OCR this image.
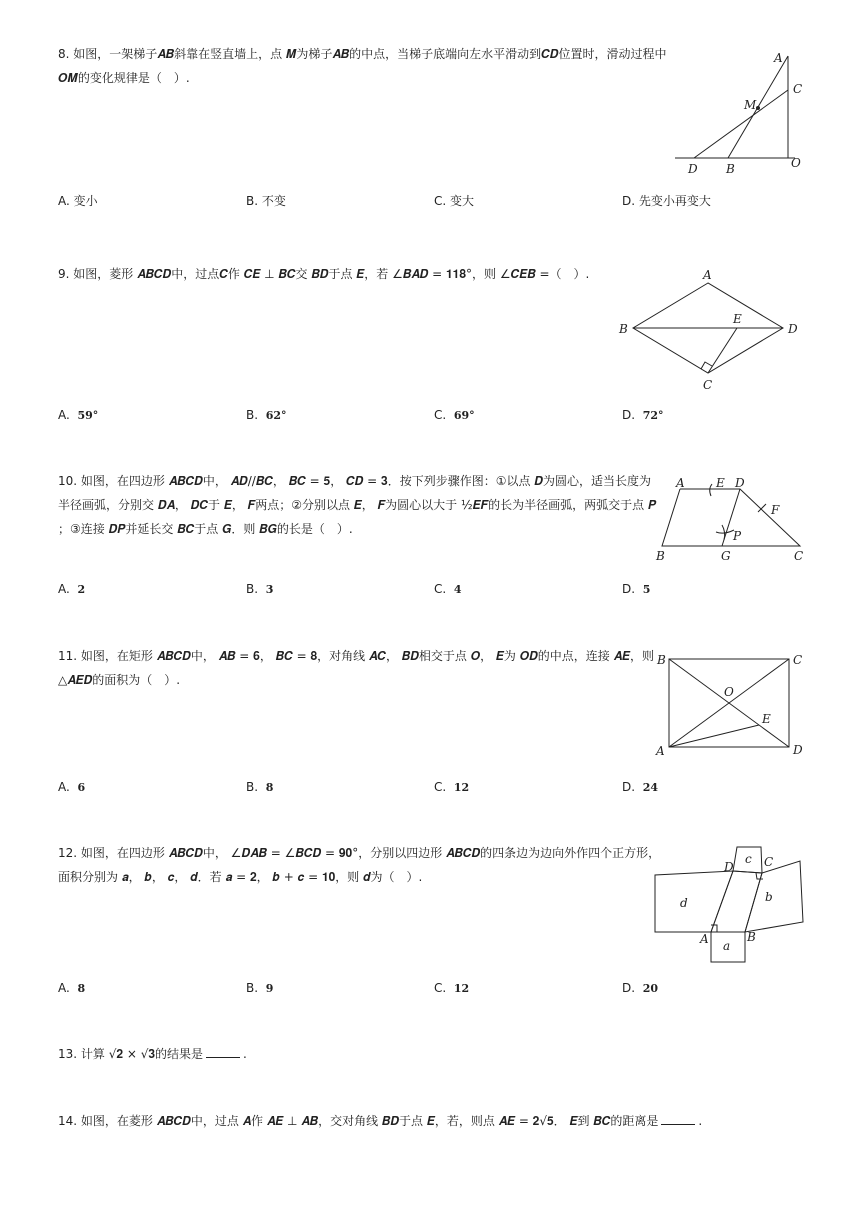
8. 如图，一架梯子𝑨𝑩斜靠在竖直墙上，点 𝑴为梯子𝑨𝑩的中点，当梯子底端向左水平滑动到𝑪𝑫位置时，滑动过程中
𝑶𝑴的变化规律是（　）.
A
C
M
D B	O
A. 变小	B. 不变	C. 变大	D. 先变小再变大
9. 如图，菱形 𝑨𝑩𝑪𝑫中，过点𝑪作 𝑪𝑬 ⊥ 𝑩𝑪交 𝑩𝑫于点 𝑬，若 ∠𝑩𝑨𝑫 = 𝟏𝟏𝟖°，则 ∠𝑪𝑬𝑩 =（　）.	A
B
E
D
C
A. 59°	B. 62°	C. 69°	D. 72°
10. 如图，在四边形 𝑨𝑩𝑪𝑫中， 𝑨𝑫//𝑩𝑪， 𝑩𝑪 = 𝟓， 𝑪𝑫 = 𝟑．按下列步骤作图：①以点 𝑫为圆心，适当长度为
半径画弧，分别交 𝑫𝑨， 𝑫𝑪于 𝑬， 𝑭两点；②分别以点 𝑬， 𝑭为圆心以大于 ½𝑬𝑭的长为半径画弧，两弧交于点 𝑷
；③连接 𝑫𝑷并延长交 𝑩𝑪于点 𝑮．则 𝑩𝑮的长是（　）.
A	E D
F
P
B	G	C
A. 2	B. 3	C. 4	D. 5
11. 如图，在矩形 𝑨𝑩𝑪𝑫中， 𝑨𝑩 = 𝟔， 𝑩𝑪 = 𝟖，对角线 𝑨𝑪， 𝑩𝑫相交于点 𝑶， 𝑬为 𝑶𝑫的中点，连接 𝑨𝑬，则
△𝑨𝑬𝑫的面积为（　）.
B	C
O
E
A	D
A. 6	B. 8	C. 12	D. 24
12. 如图，在四边形 𝑨𝑩𝑪𝑫中， ∠𝑫𝑨𝑩 = ∠𝑩𝑪𝑫 = 𝟗𝟎°，分别以四边形 𝑨𝑩𝑪𝑫的四条边为边向外作四个正方形，
面积分别为 𝒂， 𝒃， 𝒄， 𝒅．若 𝒂 = 𝟐， 𝒃 + 𝒄 = 𝟏𝟎，则 𝒅为（　）.
c
D	C
d	b
A	B
a
A. 8	B. 9	C. 12	D. 20
13. 计算 √𝟐 × √𝟑的结果是	.
14. 如图，在菱形 𝑨𝑩𝑪𝑫中，过点 𝑨作 𝑨𝑬 ⊥ 𝑨𝑩，交对角线 𝑩𝑫于点 𝑬，若，则点 𝑨𝑬 = 𝟐√𝟓． 𝑬到 𝑩𝑪的距离是	.
